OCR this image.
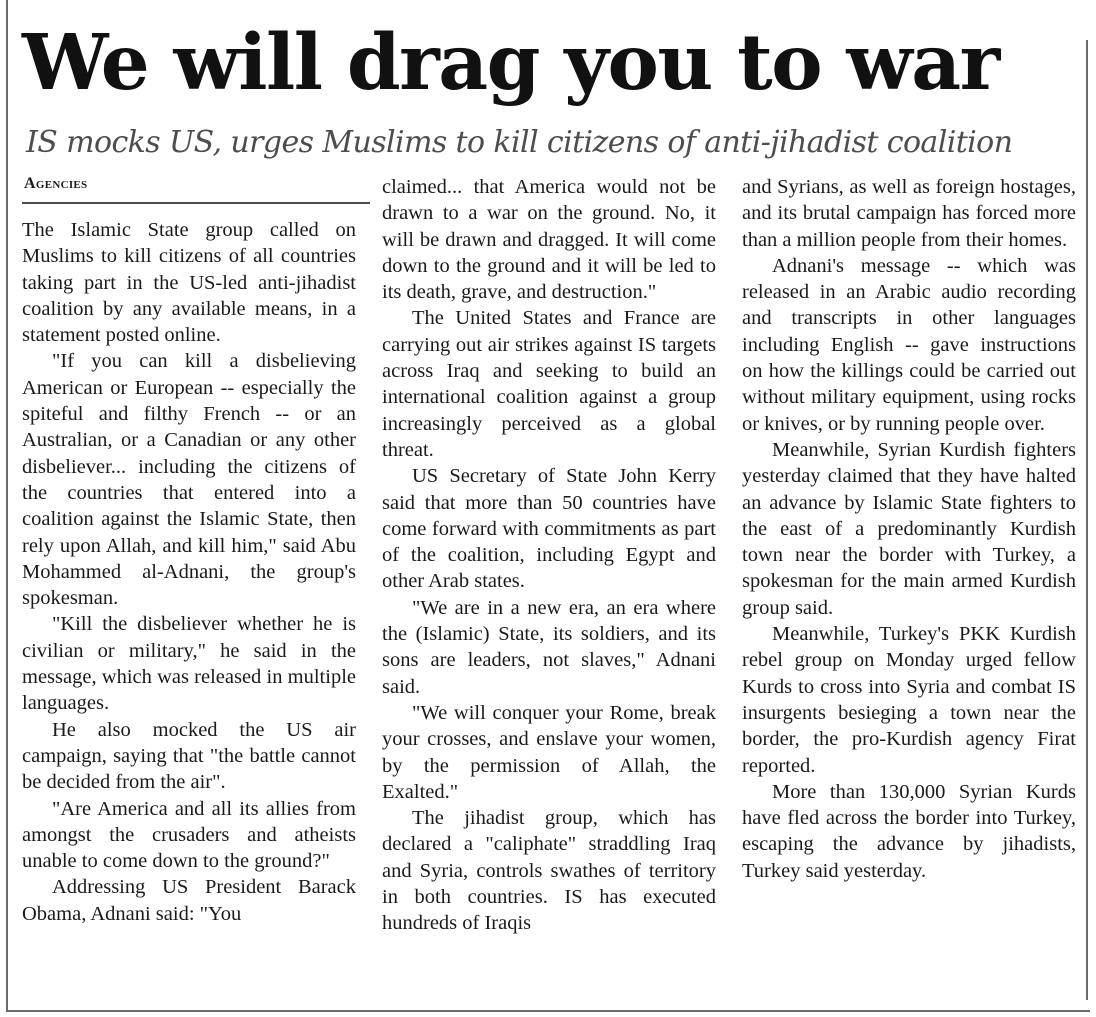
We will drag you to war
IS mocks US, urges Muslims to kill citizens of anti-jihadist coalition
Agencies

The Islamic State group called on Muslims to kill citizens of all countries taking part in the US-led anti-jihadist coalition by any available means, in a statement posted online.

"If you can kill a disbelieving American or European -- especially the spiteful and filthy French -- or an Australian, or a Canadian or any other disbeliever... including the citizens of the countries that entered into a coalition against the Islamic State, then rely upon Allah, and kill him," said Abu Mohammed al-Adnani, the group's spokesman.

"Kill the disbeliever whether he is civilian or military," he said in the message, which was released in multiple languages.

He also mocked the US air campaign, saying that "the battle cannot be decided from the air".

"Are America and all its allies from amongst the crusaders and atheists unable to come down to the ground?"

Addressing US President Barack Obama, Adnani said: "You

claimed... that America would not be drawn to a war on the ground. No, it will be drawn and dragged. It will come down to the ground and it will be led to its death, grave, and destruction."

The United States and France are carrying out air strikes against IS targets across Iraq and seeking to build an international coalition against a group increasingly perceived as a global threat.

US Secretary of State John Kerry said that more than 50 countries have come forward with commitments as part of the coalition, including Egypt and other Arab states.

"We are in a new era, an era where the (Islamic) State, its soldiers, and its sons are leaders, not slaves," Adnani said.

"We will conquer your Rome, break your crosses, and enslave your women, by the permission of Allah, the Exalted."

The jihadist group, which has declared a "caliphate" straddling Iraq and Syria, controls swathes of territory in both countries. IS has executed hundreds of Iraqis

and Syrians, as well as foreign hostages, and its brutal campaign has forced more than a million people from their homes.

Adnani's message -- which was released in an Arabic audio recording and transcripts in other languages including English -- gave instructions on how the killings could be carried out without military equipment, using rocks or knives, or by running people over.

Meanwhile, Syrian Kurdish fighters yesterday claimed that they have halted an advance by Islamic State fighters to the east of a predominantly Kurdish town near the border with Turkey, a spokesman for the main armed Kurdish group said.

Meanwhile, Turkey's PKK Kurdish rebel group on Monday urged fellow Kurds to cross into Syria and combat IS insurgents besieging a town near the border, the pro-Kurdish agency Firat reported.

More than 130,000 Syrian Kurds have fled across the border into Turkey, escaping the advance by jihadists, Turkey said yesterday.
